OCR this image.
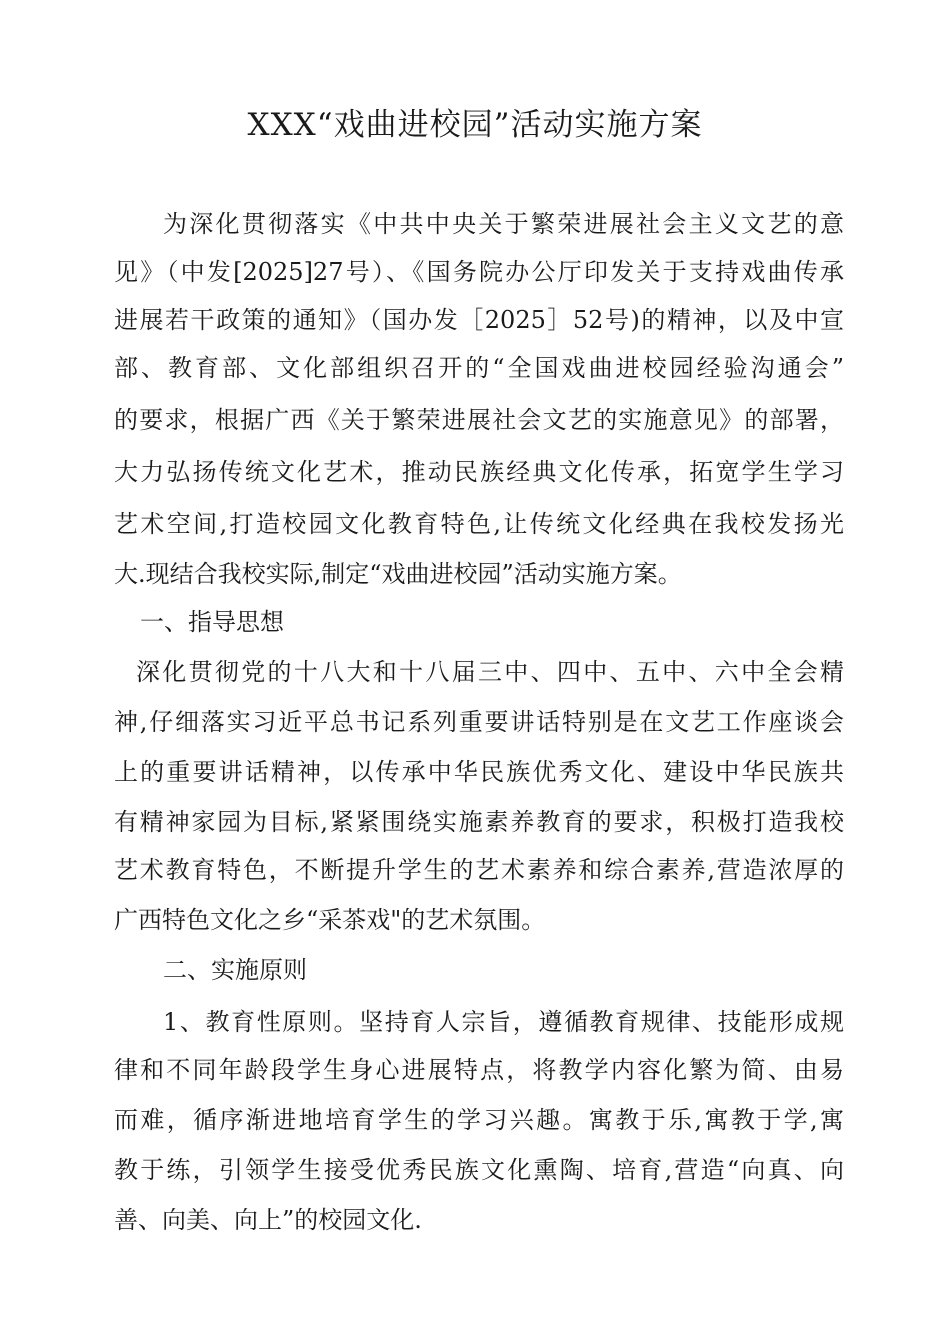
XXX“戏曲进校园”活动实施方案
为深化贯彻落实《中共中央关于繁荣进展社会主义文艺的意
见》（中发[2025]27号）、《国务院办公厅印发关于支持戏曲传承
进展若干政策的通知》（国办发［2025］52号)的精神，以及中宣
部、教育部、文化部组织召开的“全国戏曲进校园经验沟通会”
的要求，根据广西《关于繁荣进展社会文艺的实施意见》的部署，
大力弘扬传统文化艺术，推动民族经典文化传承，拓宽学生学习
艺术空间,打造校园文化教育特色,让传统文化经典在我校发扬光
大.现结合我校实际,制定“戏曲进校园”活动实施方案。
一、指导思想
深化贯彻党的十八大和十八届三中、四中、五中、六中全会精
神,仔细落实习近平总书记系列重要讲话特别是在文艺工作座谈会
上的重要讲话精神，以传承中华民族优秀文化、建设中华民族共
有精神家园为目标,紧紧围绕实施素养教育的要求，积极打造我校
艺术教育特色，不断提升学生的艺术素养和综合素养,营造浓厚的
广西特色文化之乡“采茶戏"的艺术氛围。
二、实施原则
1、教育性原则。坚持育人宗旨，遵循教育规律、技能形成规
律和不同年龄段学生身心进展特点，将教学内容化繁为简、由易
而难，循序渐进地培育学生的学习兴趣。寓教于乐,寓教于学,寓
教于练，引领学生接受优秀民族文化熏陶、培育,营造“向真、向
善、向美、向上”的校园文化.
